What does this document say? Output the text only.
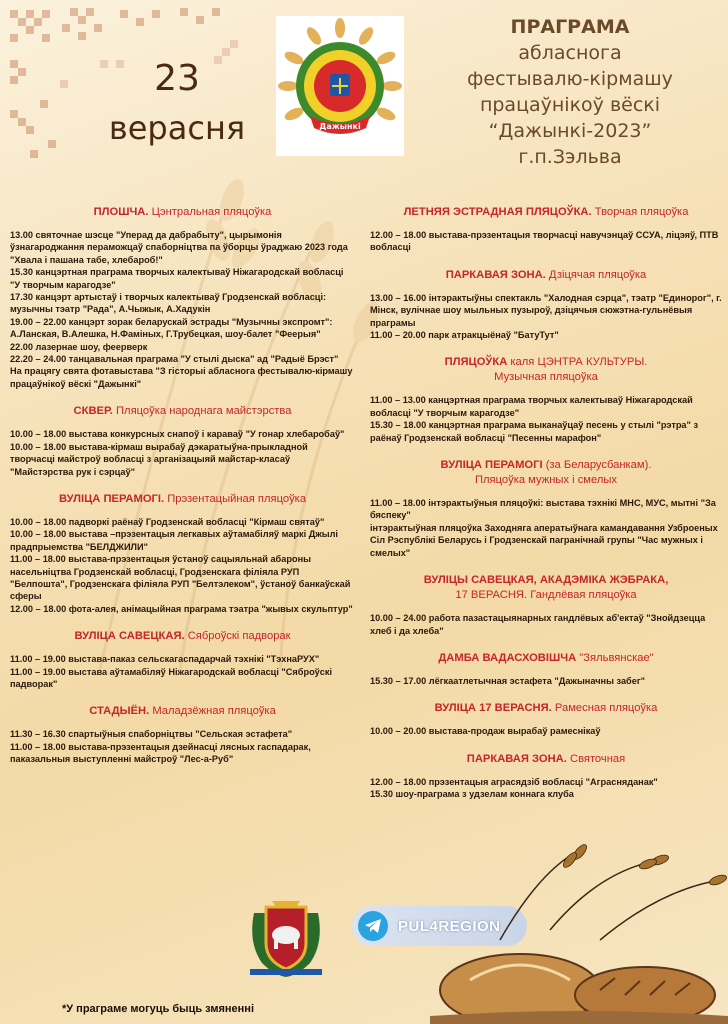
23
верасня	Дажынкі
ПРАГРАМА
абласнога
фестывалю-кірмашу
працаўнікоў вёскі
“Дажынкі-2023”
г.п.Зэльва
ПЛОШЧА. Цэнтральная пляцоўка
13.00 святочнае шэсце "Уперад да дабрабыту", цырымонія ўзнагароджання пераможцаў спаборніцтва па ўборцы ўраджаю 2023 года "Хвала і пашана табе, хлебароб!"
15.30 канцэртная праграма творчых калектываў Ніжагародскай вобласці "У творчым карагодзе"
17.30 канцэрт артыстаў і творчых калектываў Гродзенскай вобласці: музычны тэатр "Рада", А.Чыжык, А.Хадукін
19.00 – 22.00 канцэрт зорак беларускай эстрады "Музычны экспромт": А.Ланская, В.Алешка, Н.Фаміных, Г.Трубецкая, шоу-балет "Феерыя"
22.00 лазернае шоу, феерверк
22.20 – 24.00 танцавальная праграма "У стылі дыска" ад "Радыё Брэст"
На працягу свята фотавыстава "З гісторыі абласнога фестывалю-кірмашу працаўнікоў вёскі "Дажынкі"
СКВЕР. Пляцоўка народнага майстэрства
10.00 – 18.00 выстава конкурсных снапоў і караваў "У гонар хлебаробаў"
10.00 – 18.00 выстава-кірмаш вырабаў дэкаратыўна-прыкладной творчасці майстроў вобласці з арганізацыяй майстар-класаў "Майстэрства рук і сэрцаў"
ВУЛІЦА ПЕРАМОГІ. Прэзентацыйная пляцоўка
10.00 – 18.00 падворкі раёнаў Гродзенскай вобласці "Кірмаш святаў"
10.00 – 18.00 выстава –прэзентацыя легкавых аўтамабіляў маркі Джылі прадпрыемства "БЕЛДЖИЛИ"
11.00 – 18.00 выстава-прэзентацыя ўстаноў сацыяльнай абароны насельніцтва Гродзенскай вобласці, Гродзенскага філіяла РУП "Белпошта", Гродзенскага філіяла РУП "Белтэлеком", ўстаноў банкаўскай сферы
12.00 – 18.00 фота-алея, анімацыйная праграма тэатра "жывых скульптур"
ВУЛІЦА САВЕЦКАЯ. Сябpоўскі падворак
11.00 – 19.00 выстава-паказ сельскагаспадарчай тэхнікі "ТэхнаРУХ"
11.00 – 19.00 выстава аўтамабіляў Ніжагародскай вобласці "Сябpоўскі падворак"
СТАДЫЁН. Маладзёжная пляцоўка
11.30 – 16.30 спартыўныя спаборніцтвы "Сельская эстафета"
11.00 – 18.00 выстава-прэзентацыя дзейнасці лясных гаспадарак, паказальныя выступленні майстроў "Лес-а-Руб"
ЛЕТНЯЯ ЭСТРАДНАЯ ПЛЯЦОЎКА. Творчая пляцоўка
12.00 – 18.00 выстава-прэзентацыя творчасці навучэнцаў ССУА, ліцэяў, ПТВ вобласці
ПАРКАВАЯ ЗОНА. Дзіцячая пляцоўка
13.00 – 16.00 інтэрактыўны спектакль "Халодная сэрца", тэатр "Единорог", г. Мінск, вулічнае шоу мыльных пузыроў, дзіцячыя сюжэтна-гульнёвыя праграмы
11.00 – 20.00 парк атракцыёнаў "БатуТут"
ПЛЯЦОЎКА каля ЦЭНТРА КУЛЬТУРЫ.
Музычная пляцоўка
11.00 – 13.00 канцэртная праграма творчых калектываў Ніжагародскай вобласці "У творчым карагодзе"
15.30 – 18.00 канцэртная праграма выканаўцаў песень у стылі "рэтра" з раёнаў Гродзенскай вобласці "Песенны марафон"
ВУЛІЦА ПЕРАМОГІ (за Беларусбанкам).
Пляцоўка мужных і смелых
11.00 – 18.00 інтэрактыўныя пляцоўкі: выстава тэхнікі МНС, МУС, мытні "За бяспеку"
інтэрактыўная пляцоўка Заходняга аператыўнага камандавання Узброеных Сіл Рэспублікі Беларусь і Гродзенскай пагранічнай групы "Час мужных і смелых"
ВУЛІЦЫ САВЕЦКАЯ, АКАДЭМІКА ЖЭБРАКА,
17 ВЕРАСНЯ. Гандлёвая пляцоўка
10.00 – 24.00 работа пазастацыянарных гандлёвых аб'ектаў "Знойдзецца хлеб і да хлеба"
ДАМБА ВАДАСХОВІШЧА "Зяльвянскае"
15.30 – 17.00 лёгкаатлетычная эстафета "Дажыначны забег"
ВУЛІЦА 17 ВЕРАСНЯ. Рамесная пляцоўка
10.00 – 20.00 выстава-продаж вырабаў рамеснікаў
ПАРКАВАЯ ЗОНА. Святочная
12.00 – 18.00 прэзентацыя аграсядзіб вобласці "Аграсняданак"
15.30 шоу-праграма з удзелам коннага клуба
PUL4REGION
*У праграме могуць быць змяненні
